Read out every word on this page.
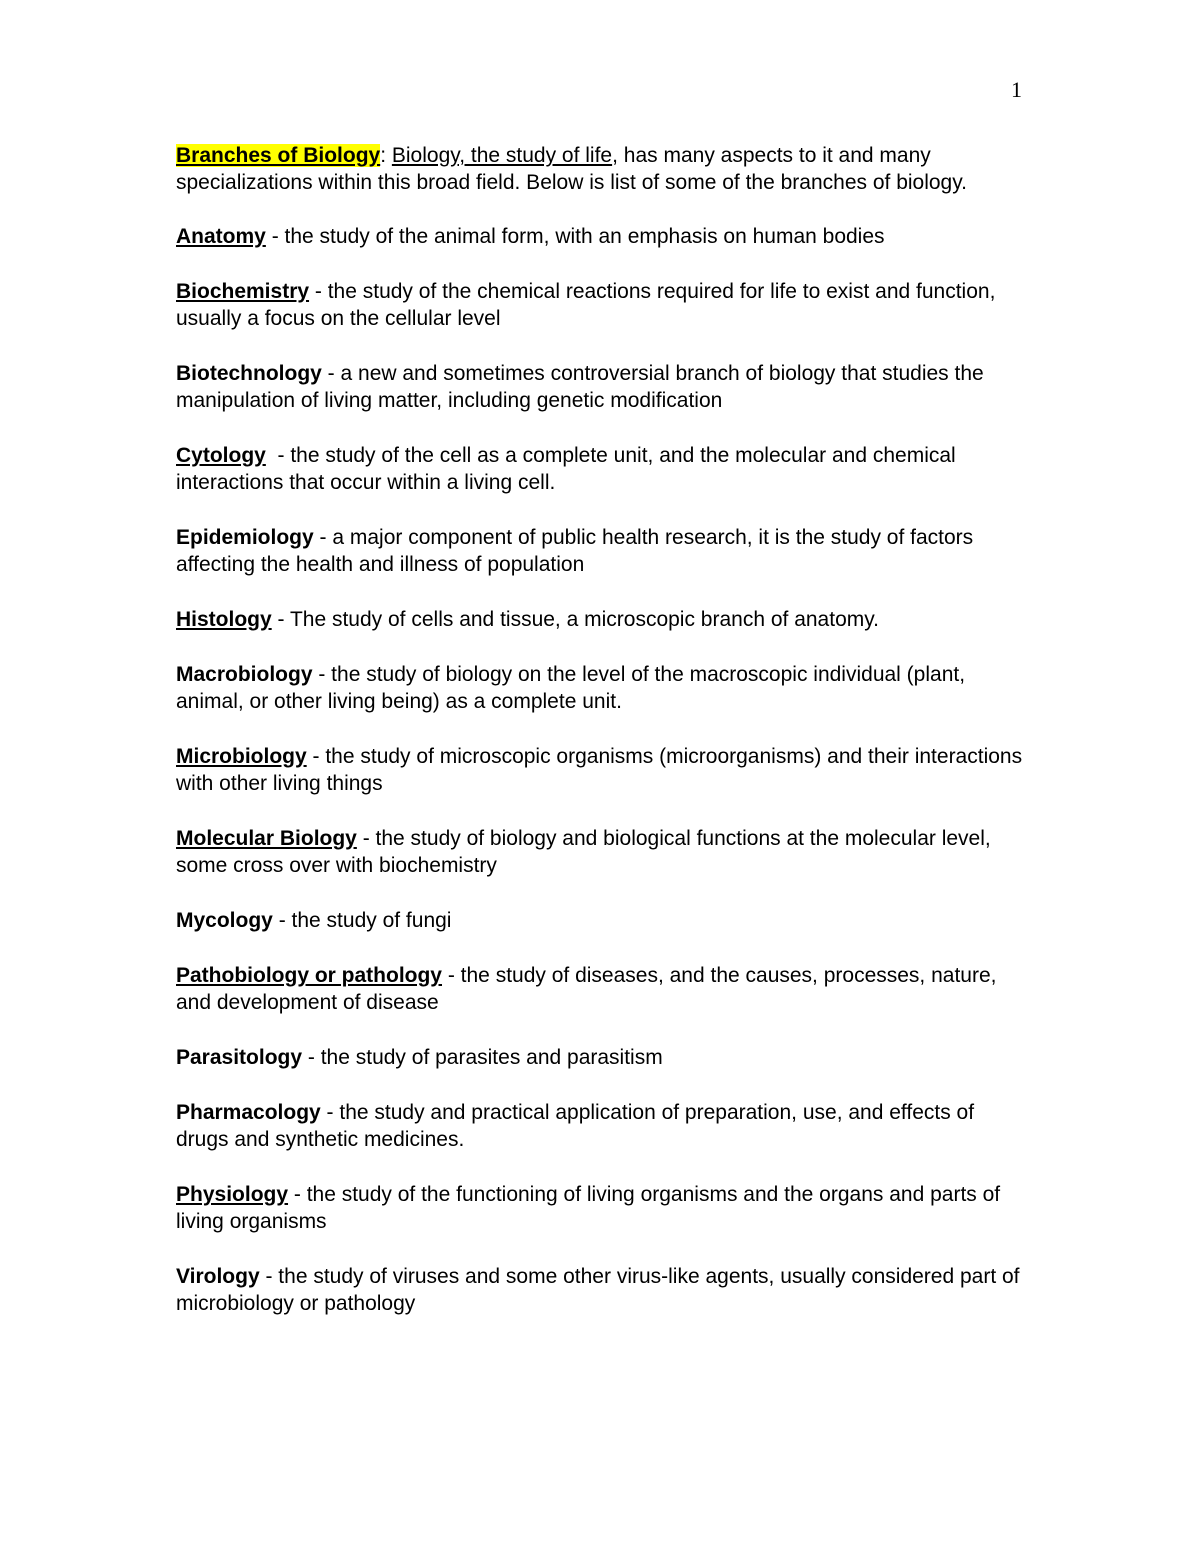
1

Branches of Biology: Biology, the study of life, has many aspects to it and many specializations within this broad field. Below is list of some of the branches of biology.

Anatomy - the study of the animal form, with an emphasis on human bodies

Biochemistry - the study of the chemical reactions required for life to exist and function, usually a focus on the cellular level

Biotechnology - a new and sometimes controversial branch of biology that studies the manipulation of living matter, including genetic modification

Cytology  - the study of the cell as a complete unit, and the molecular and chemical interactions that occur within a living cell.

Epidemiology - a major component of public health research, it is the study of factors affecting the health and illness of population

Histology - The study of cells and tissue, a microscopic branch of anatomy.

Macrobiology - the study of biology on the level of the macroscopic individual (plant, animal, or other living being) as a complete unit.

Microbiology - the study of microscopic organisms (microorganisms) and their interactions with other living things

Molecular Biology - the study of biology and biological functions at the molecular level, some cross over with biochemistry

Mycology - the study of fungi

Pathobiology or pathology - the study of diseases, and the causes, processes, nature, and development of disease

Parasitology - the study of parasites and parasitism

Pharmacology - the study and practical application of preparation, use, and effects of drugs and synthetic medicines.

Physiology - the study of the functioning of living organisms and the organs and parts of living organisms

Virology - the study of viruses and some other virus-like agents, usually considered part of microbiology or pathology
